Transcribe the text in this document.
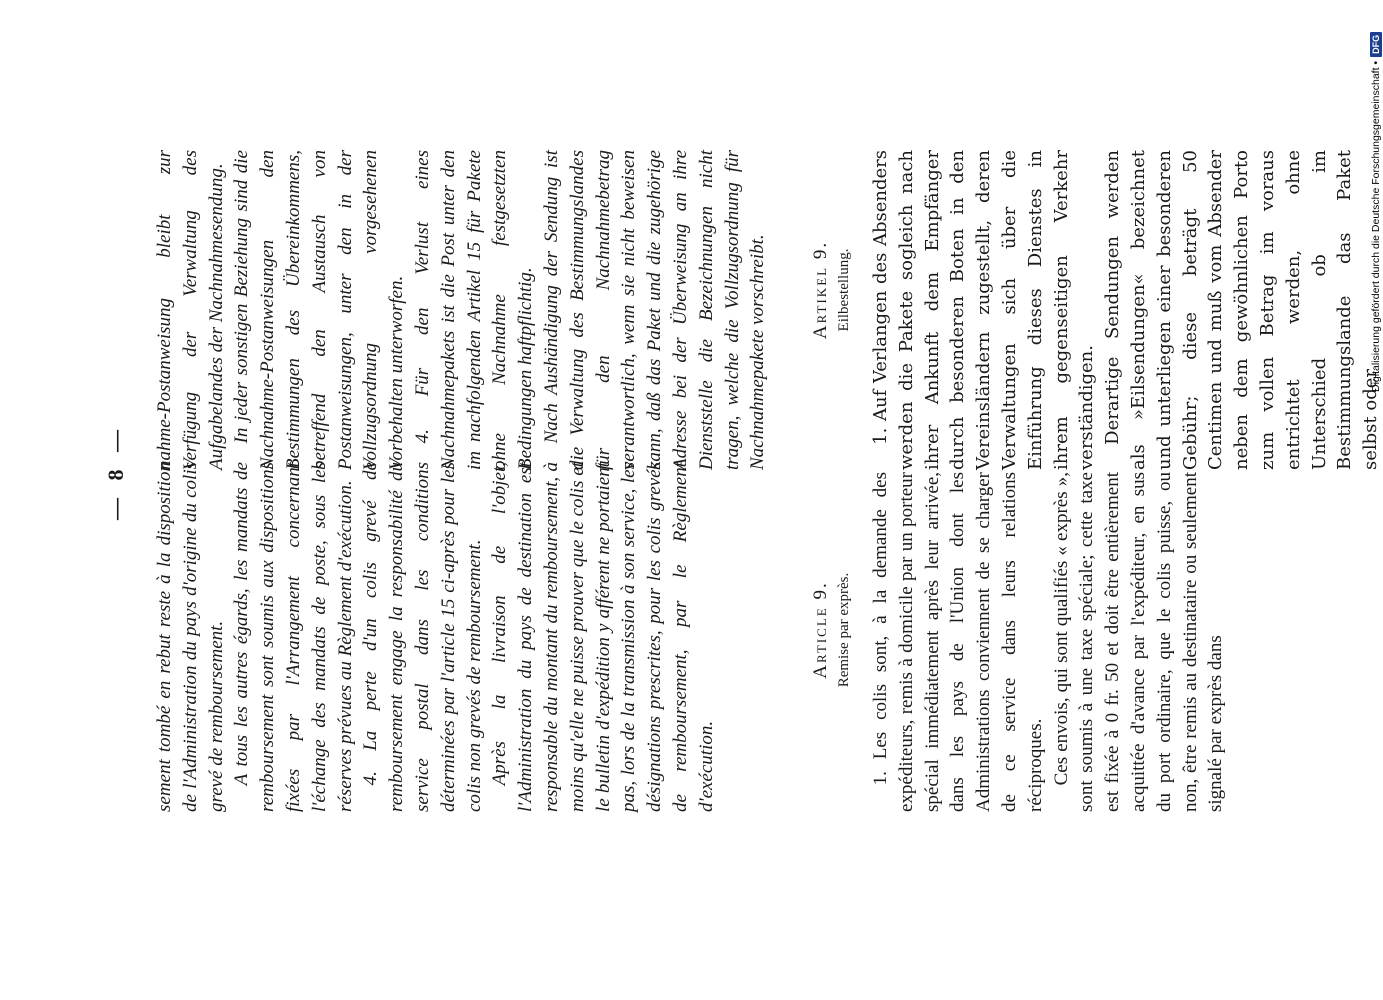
— 8 — sement tombé en rebut reste à la disposition de l'Administration du pays d'origine du colis grevé de remboursement. A tous les autres égards, les mandats de remboursement sont soumis aux dispositions fixées par l'Arrangement concernant l'échange des mandats de poste, sous les réserves prévues au Règlement d'exécution. 4. La perte d'un colis grevé de remboursement engage la responsabilité du service postal dans les conditions déterminées par l'article 15 ci-après pour les colis non grevés de remboursement. Après la livraison de l'objet, l'Administration du pays de destination est responsable du montant du remboursement, à moins qu'elle ne puisse prouver que le colis et le bulletin d'expédition y afférent ne portaient pas, lors de la transmission à son service, les désignations prescrites, pour les colis grevés de remboursement, par le Règlement d'exécution.

nahme-Postanweisung bleibt zur Verfügung der Verwaltung des Aufgabelandes der Nachnahmesendung. In jeder sonstigen Beziehung sind die Nachnahme-Postanweisungen den Bestimmungen des Übereinkommens, betreffend den Austausch von Postanweisungen, unter den in der Vollzugsordnung vorgesehenen Vorbehalten unterworfen. 4. Für den Verlust eines Nachnahmepakets ist die Post unter den im nachfolgenden Artikel 15 für Pakete ohne Nachnahme festgesetzten Bedingungen haftpflichtig. Nach Aushändigung der Sendung ist die Verwaltung des Bestimmungslandes für den Nachnahmebetrag verantwortlich, wenn sie nicht beweisen kann, daß das Paket und die zugehörige Adresse bei der Überweisung an ihre Dienststelle die Bezeichnungen nicht tragen, welche die Vollzugsordnung für Nachnahmepakete vorschreibt.

Article 9. Remise par exprès.
Artikel 9. Eilbestellung.

1. Les colis sont, à la demande des expéditeurs, remis à domicile par un porteur spécial immédiatement après leur arrivée, dans les pays de l'Union dont les Administrations conviennent de se charger de ce service dans leurs relations réciproques. Ces envois, qui sont qualifiés « exprès », sont soumis à une taxe spéciale; cette taxe est fixée à 0 fr. 50 et doit être entièrement acquittée d'avance par l'expéditeur, en sus du port ordinaire, que le colis puisse, ou non, être remis au destinataire ou seulement signalé par exprès dans

1. Auf Verlangen des Absenders werden die Pakete sogleich nach ihrer Ankunft dem Empfänger durch besonderen Boten in den Vereinsländern zugestellt, deren Verwaltungen sich über die Einführung dieses Dienstes in ihrem gegenseitigen Verkehr verständigen. Derartige Sendungen werden als »Eilsendungen« bezeichnet und unterliegen einer besonderen Gebühr; diese beträgt 50 Centimen und muß vom Absender neben dem gewöhnlichen Porto zum vollen Betrag im voraus entrichtet werden, ohne Unterschied ob im Bestimmungslande das Paket selbst oder

Digitalisierung gefördert durch die Deutsche Forschungsgemeinschaft •DFG
